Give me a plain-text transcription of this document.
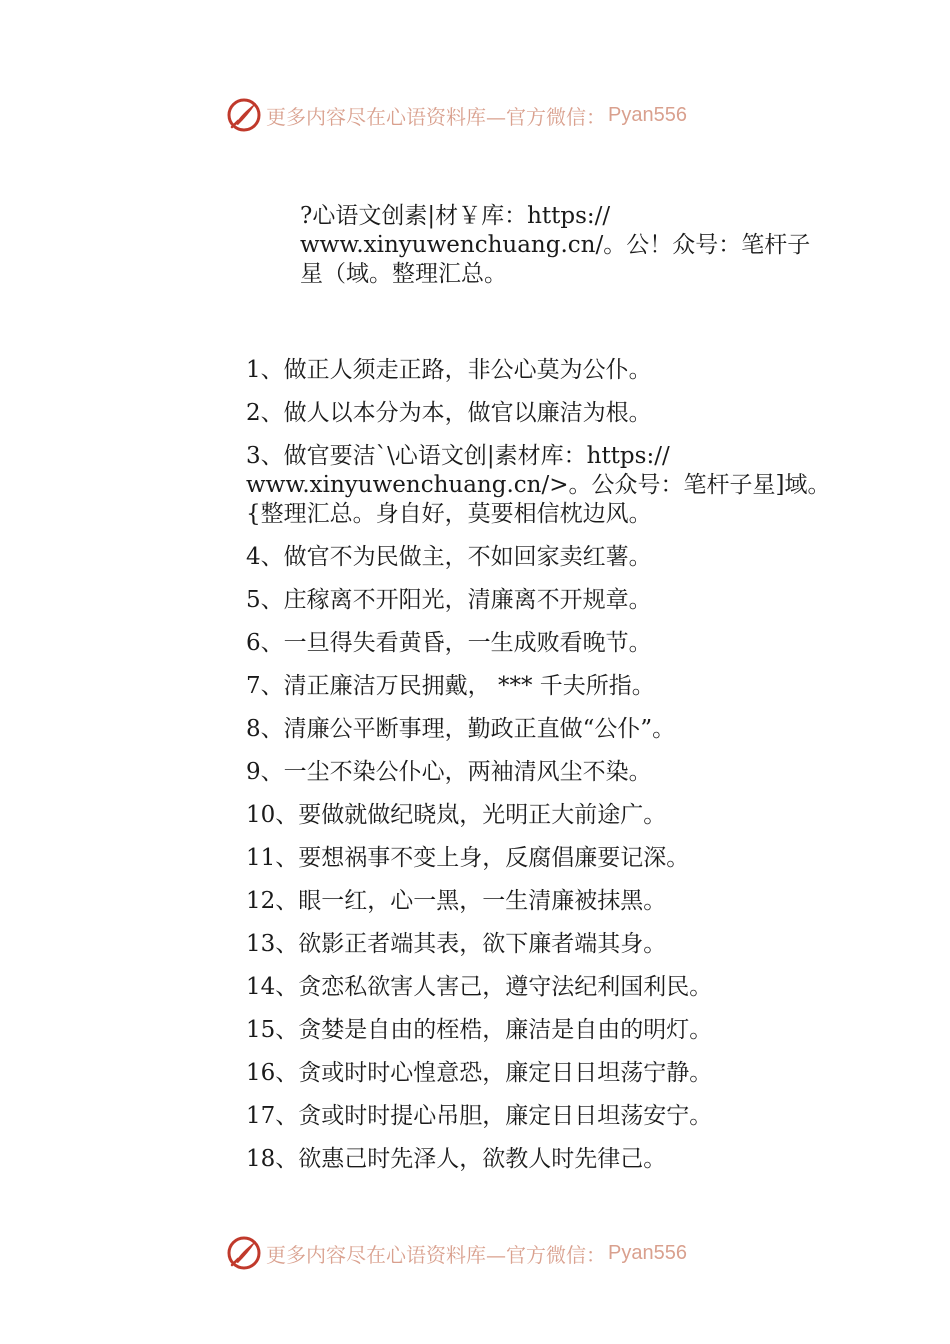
更多内容尽在心语资料库—官方微信： Pyan556
?心语文创素|材￥库：https://
www.xinyuwenchuang.cn/。公！众号：笔杆子
星（域。整理汇总。
1、做正人须走正路，非公心莫为公仆。
2、做人以本分为本，做官以廉洁为根。
3、做官要洁`\心语文创|素材库：https://
www.xinyuwenchuang.cn/>。公众号：笔杆子星]域。
{整理汇总。身自好，莫要相信枕边风。
4、做官不为民做主，不如回家卖红薯。
5、庄稼离不开阳光，清廉离不开规章。
6、一旦得失看黄昏，一生成败看晚节。
7、清正廉洁万民拥戴， *** 千夫所指。
8、清廉公平断事理，勤政正直做“公仆”。
9、一尘不染公仆心，两袖清风尘不染。
10、要做就做纪晓岚，光明正大前途广。
11、要想祸事不变上身，反腐倡廉要记深。
12、眼一红，心一黑，一生清廉被抹黑。
13、欲影正者端其表，欲下廉者端其身。
14、贪恋私欲害人害己，遵守法纪利国利民。
15、贪婪是自由的桎梏，廉洁是自由的明灯。
16、贪或时时心惶意恐，廉定日日坦荡宁静。
17、贪或时时提心吊胆，廉定日日坦荡安宁。
18、欲惠己时先泽人，欲教人时先律己。
更多内容尽在心语资料库—官方微信： Pyan556
